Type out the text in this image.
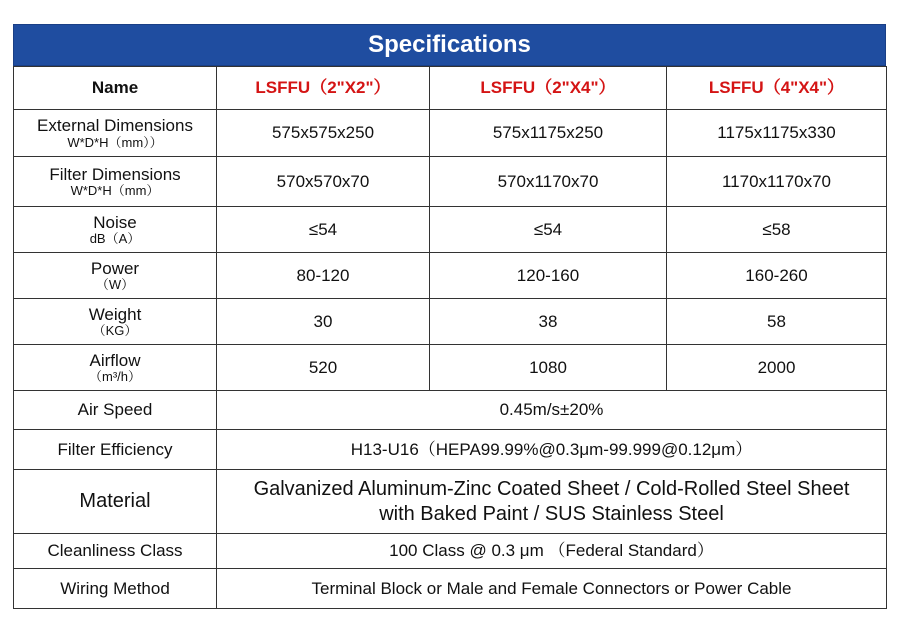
Specifications
Name	LSFFU（2"X2"）	LSFFU（2"X4"）	LSFFU（4"X4"）
External Dimensions
W*D*H（mm））	575x575x250	575x1175x250	1175x1175x330
Filter Dimensions
W*D*H（mm）	570x570x70	570x1170x70	1170x1170x70
Noise
dB（A）	≤54	≤54	≤58
Power
（W）	80-120	120-160	160-260
Weight
（KG）	30	38	58
Airflow
（m³/h）	520	1080	2000
Air Speed	0.45m/s±20%		
Filter Efficiency	H13-U16（HEPA99.99%@0.3μm-99.999@0.12μm）		
Material	Galvanized Aluminum-Zinc Coated Sheet / Cold-Rolled Steel Sheet
with Baked Paint / SUS Stainless Steel		
Cleanliness Class	100 Class @ 0.3 μm （Federal Standard）		
Wiring Method	Terminal Block or Male and Female Connectors or Power Cable		
